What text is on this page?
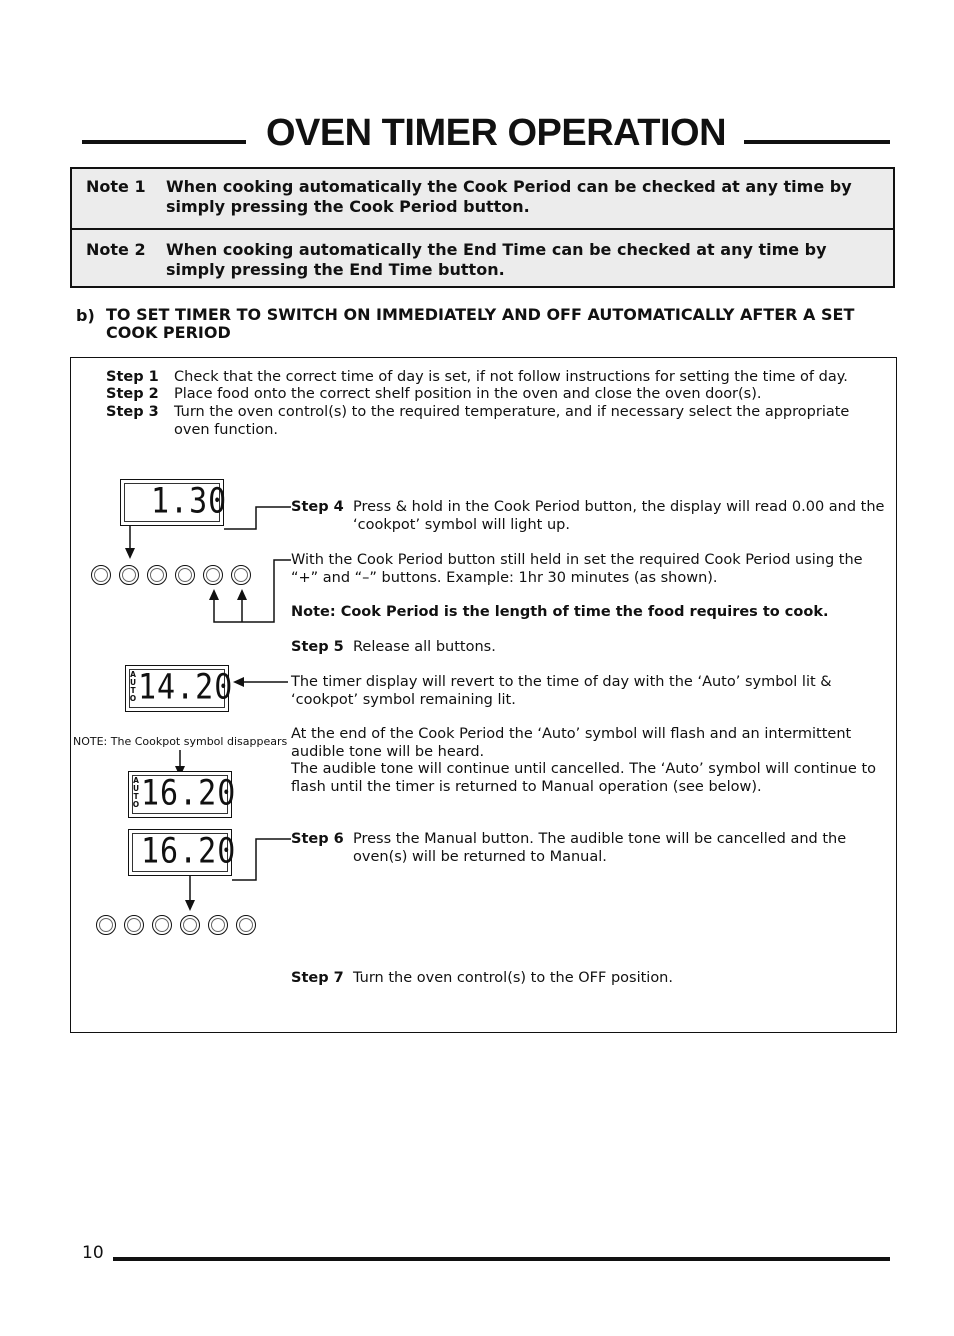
OVEN TIMER OPERATION
Note 1 When cooking automatically the Cook Period can be checked at any time by simply pressing the Cook Period button.
Note 2 When cooking automatically the End Time can be checked at any time by simply pressing the End Time button.
b) TO SET TIMER TO SWITCH ON IMMEDIATELY AND OFF AUTOMATICALLY AFTER A SET COOK PERIOD
Step 1 Check that the correct time of day is set, if not follow instructions for setting the time of day.
Step 2 Place food onto the correct shelf position in the oven and close the oven door(s).
Step 3 Turn the oven control(s) to the required temperature, and if necessary select the appropriate oven function.
1.30	Step 4 Press & hold in the Cook Period button, the display will read 0.00 and the ‘cookpot’ symbol will light up.
With the Cook Period button still held in set the required Cook Period using the “+” and “–” buttons. Example: 1hr 30 minutes (as shown).
Note: Cook Period is the length of time the food requires to cook.
Step 5 Release all buttons.
The timer display will revert to the time of day with the ‘Auto’ symbol lit & ‘cookpot’ symbol remaining lit.
At the end of the Cook Period the ‘Auto’ symbol will flash and an intermittent audible tone will be heard.
The audible tone will continue until cancelled. The ‘Auto’ symbol will continue to flash until the timer is returned to Manual operation (see below).
A
U
T
O 14.20
NOTE: The Cookpot symbol disappears
A
U
T
O 16.20
16.20	Step 6 Press the Manual button. The audible tone will be cancelled and the oven(s) will be returned to Manual.
Step 7 Turn the oven control(s) to the OFF position.
10
